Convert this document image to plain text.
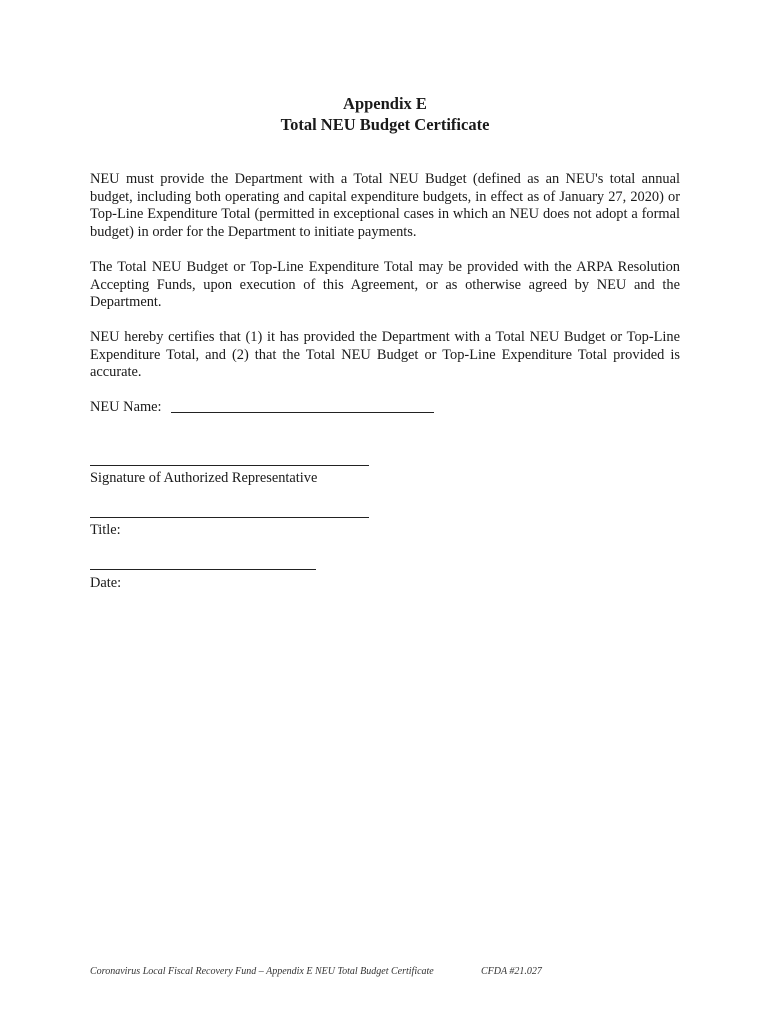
Appendix E
Total NEU Budget Certificate

NEU must provide the Department with a Total NEU Budget (defined as an NEU's total annual budget, including both operating and capital expenditure budgets, in effect as of January 27, 2020) or Top-Line Expenditure Total (permitted in exceptional cases in which an NEU does not adopt a formal budget) in order for the Department to initiate payments.

The Total NEU Budget or Top-Line Expenditure Total may be provided with the ARPA Resolution Accepting Funds, upon execution of this Agreement, or as otherwise agreed by NEU and the Department.

NEU hereby certifies that (1) it has provided the Department with a Total NEU Budget or Top-Line Expenditure Total, and (2) that the Total NEU Budget or Top-Line Expenditure Total provided is accurate.

NEU Name:
Signature of Authorized Representative
Title:
Date:
Coronavirus Local Fiscal Recovery Fund – Appendix E NEU Total Budget Certificate	CFDA #21.027
